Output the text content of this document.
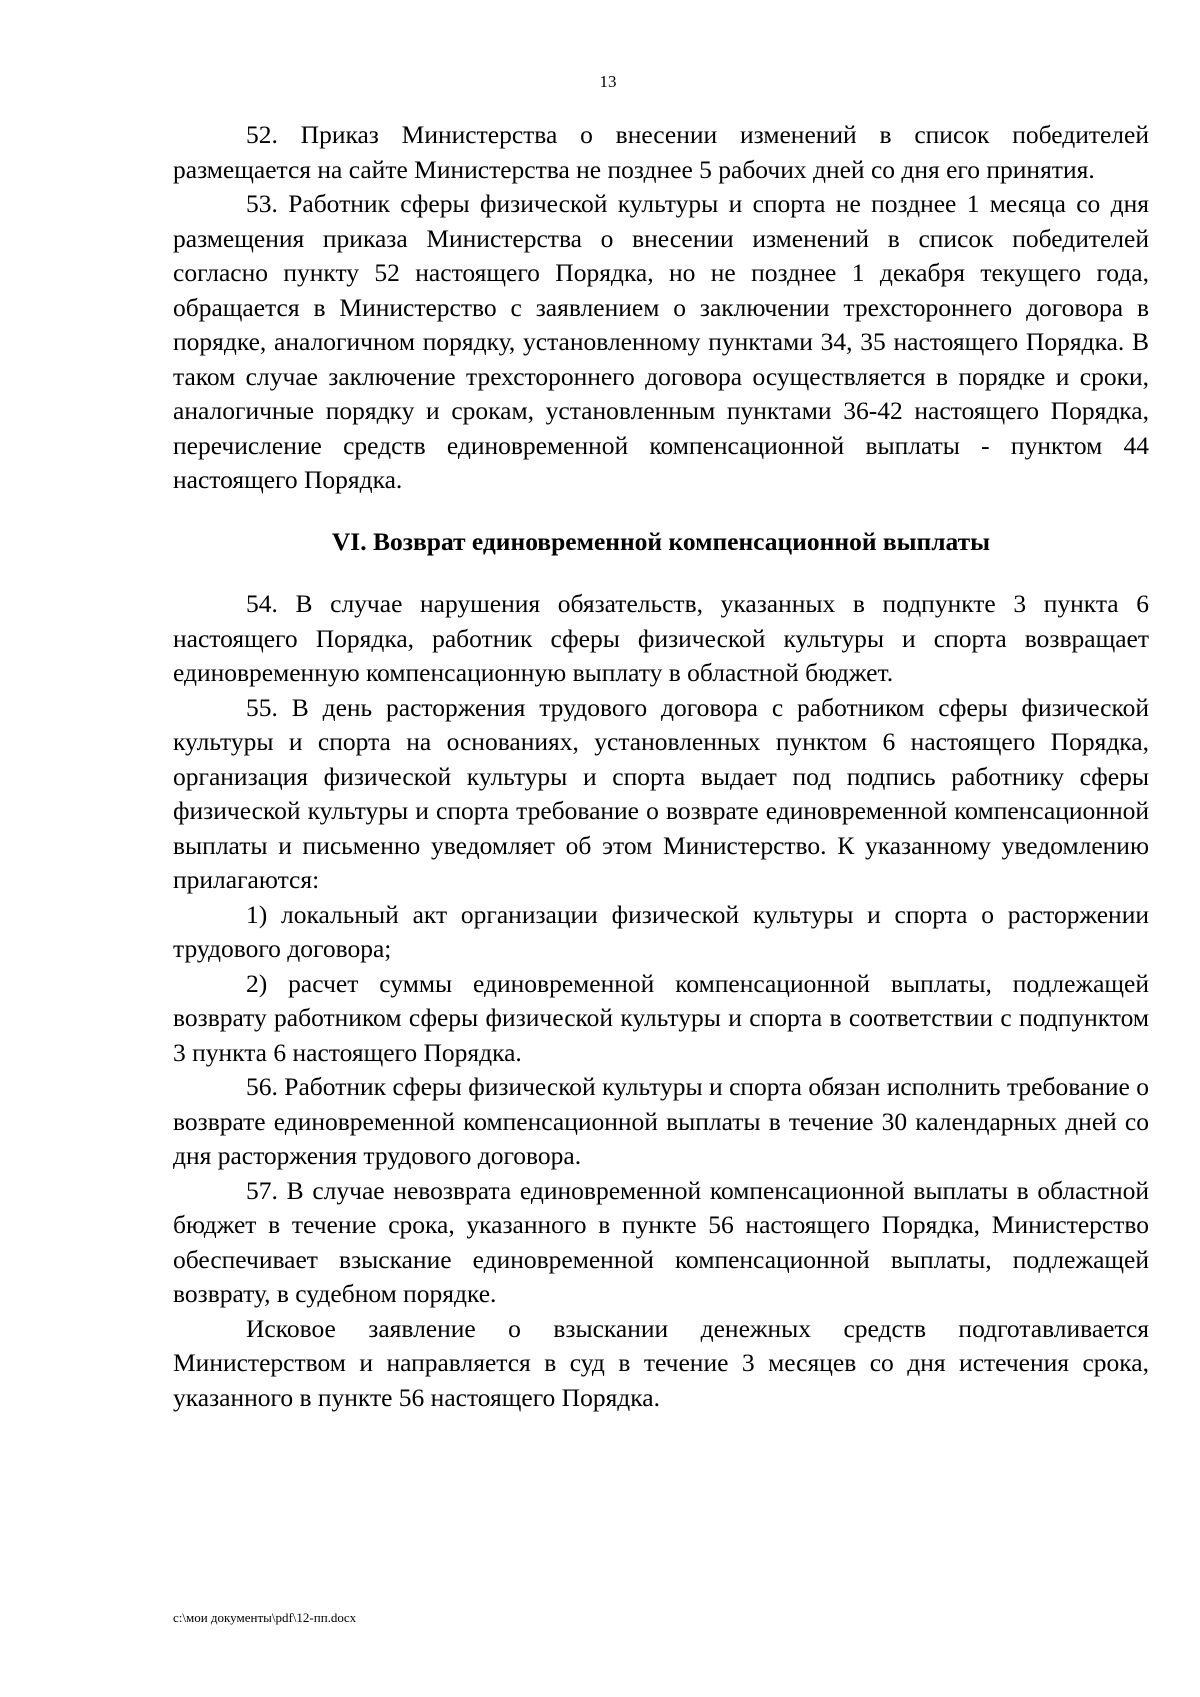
13

52. Приказ Министерства о внесении изменений в список победителей размещается на сайте Министерства не позднее 5 рабочих дней со дня его принятия.

53. Работник сферы физической культуры и спорта не позднее 1 месяца со дня размещения приказа Министерства о внесении изменений в список победителей согласно пункту 52 настоящего Порядка, но не позднее 1 декабря текущего года, обращается в Министерство с заявлением о заключении трехстороннего договора в порядке, аналогичном порядку, установленному пунктами 34, 35 настоящего Порядка. В таком случае заключение трехстороннего договора осуществляется в порядке и сроки, аналогичные порядку и срокам, установленным пунктами 36-42 настоящего Порядка, перечисление средств единовременной компенсационной выплаты - пунктом 44 настоящего Порядка.

VI. Возврат единовременной компенсационной выплаты

54. В случае нарушения обязательств, указанных в подпункте 3 пункта 6 настоящего Порядка, работник сферы физической культуры и спорта возвращает единовременную компенсационную выплату в областной бюджет.

55. В день расторжения трудового договора с работником сферы физической культуры и спорта на основаниях, установленных пунктом 6 настоящего Порядка, организация физической культуры и спорта выдает под подпись работнику сферы физической культуры и спорта требование о возврате единовременной компенсационной выплаты и письменно уведомляет об этом Министерство. К указанному уведомлению прилагаются:

1) локальный акт организации физической культуры и спорта о расторжении трудового договора;

2) расчет суммы единовременной компенсационной выплаты, подлежащей возврату работником сферы физической культуры и спорта в соответствии с подпунктом 3 пункта 6 настоящего Порядка.

56. Работник сферы физической культуры и спорта обязан исполнить требование о возврате единовременной компенсационной выплаты в течение 30 календарных дней со дня расторжения трудового договора.

57. В случае невозврата единовременной компенсационной выплаты в областной бюджет в течение срока, указанного в пункте 56 настоящего Порядка, Министерство обеспечивает взыскание единовременной компенсационной выплаты, подлежащей возврату, в судебном порядке.

Исковое заявление о взыскании денежных средств подготавливается Министерством и направляется в суд в течение 3 месяцев со дня истечения срока, указанного в пункте 56 настоящего Порядка.

c:\мои документы\pdf\12-пп.docx
